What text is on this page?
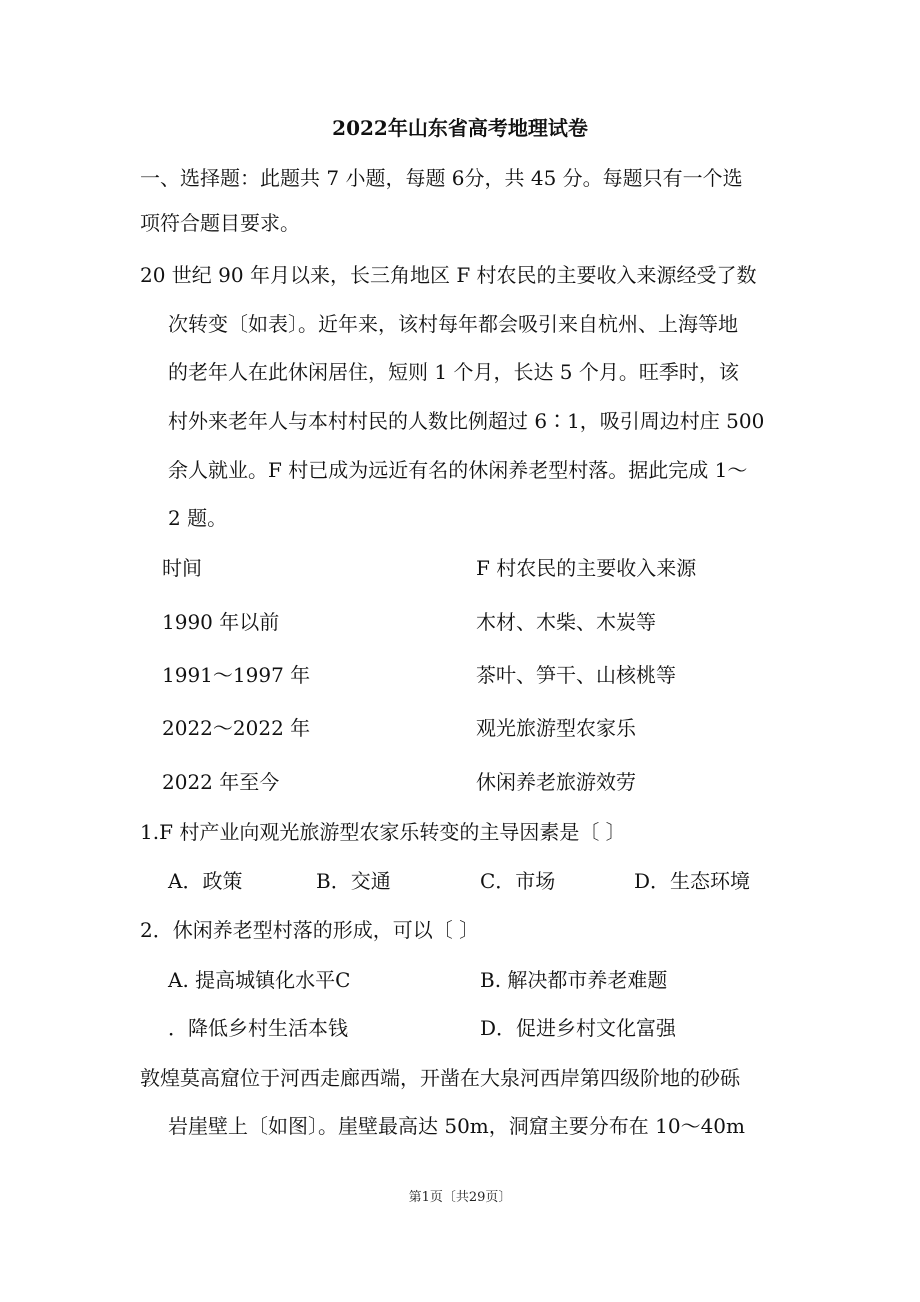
2022年山东省高考地理试卷
一、选择题：此题共 7 小题，每题 6分，共 45 分。每题只有一个选
项符合题目要求。
20 世纪 90 年月以来，长三角地区 F 村农民的主要收入来源经受了数
次转变〔如表〕。近年来，该村每年都会吸引来自杭州、上海等地
的老年人在此休闲居住，短则 1 个月，长达 5 个月。旺季时，该
村外来老年人与本村村民的人数比例超过 6∶1，吸引周边村庄 500
余人就业。F 村已成为远近有名的休闲养老型村落。据此完成 1～
2 题。
时间	F 村农民的主要收入来源
1990 年以前	木材、木柴、木炭等
1991～1997 年	茶叶、笋干、山核桃等
2022～2022 年	观光旅游型农家乐
2022 年至今	休闲养老旅游效劳
1.F 村产业向观光旅游型农家乐转变的主导因素是〔 〕
A．政策	B．交通	C．市场	D．生态环境
2．休闲养老型村落的形成，可以〔 〕
A. 提高城镇化水平C	B. 解决都市养老难题
．降低乡村生活本钱	D．促进乡村文化富强
敦煌莫高窟位于河西走廊西端，开凿在大泉河西岸第四级阶地的砂砾
岩崖壁上〔如图〕。崖壁最高达 50m，洞窟主要分布在 10～40m
第1页〔共29页〕
